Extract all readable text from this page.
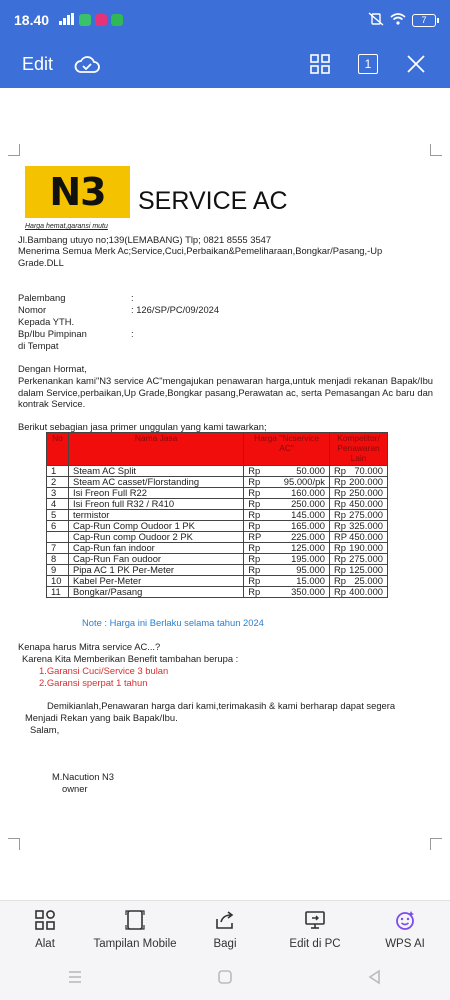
18.40	7
Edit	1
N3	SERVICE AC
Harga hemat,garansi mutu
Jl.Bambang utuyo no;139(LEMABANG) Tlp; 0821 8555 3547
Menerima Semua Merk Ac;Service,Cuci,Perbaikan&Pemeliharaan,Bongkar/Pasang,-Up
Grade.DLL
Palembang	:
Nomor	: 126/SP/PC/09/2024
Kepada YTH.
Bp/Ibu Pimpinan	:
di Tempat
Dengan Hormat,
Perkenankan kami"N3 service AC"mengajukan penawaran harga,untuk menjadi rekanan Bapak/Ibu dalam Service,perbaikan,Up Grade,Bongkar pasang,Perawatan ac, serta Pemasangan Ac baru dan kontrak Service.
Berikut sebagian jasa primer unggulan yang kami tawarkan;
No	Nama Jasa	Harga "Ncservice AC"	Kompetitor/ Penawaran Lain
1	Steam AC Split	Rp 50.000	Rp 70.000

2	Steam AC casset/Florstanding	Rp 95.000/pk	Rp 200.000

3	Isi Freon Full R22	Rp 160.000	Rp 250.000

4	Isi Freon full R32 / R410	Rp 250.000	Rp 450.000

5	termistor	Rp 145.000	Rp 275.000

6	Cap-Run Comp Oudoor 1 PK	Rp 165.000	Rp 325.000

	Cap-Run comp Oudoor 2 PK	RP 225.000	RP 450.000

7	Cap-Run fan indoor	Rp 125.000	Rp 190.000

8	Cap-Run Fan oudoor	Rp 195.000	Rp 275.000

9	Pipa AC 1 PK Per-Meter	Rp 95.000	Rp 125.000

10	Kabel Per-Meter	Rp 15.000	Rp 25.000

11	Bongkar/Pasang	Rp 350.000	Rp 400.000
Note : Harga ini Berlaku selama tahun 2024
Kenapa harus Mitra service AC...?
Karena Kita Memberikan Benefit tambahan berupa :
1.Garansi Cuci/Service 3 bulan
2.Garansi sperpat 1 tahun
Demikianlah,Penawaran harga dari kami,terimakasih & kami berharap dapat segera
Menjadi Rekan yang baik Bapak/Ibu.
Salam,
M.Nacution N3
owner
Alat	Tampilan Mobile	Bagi	Edit di PC	WPS AI
